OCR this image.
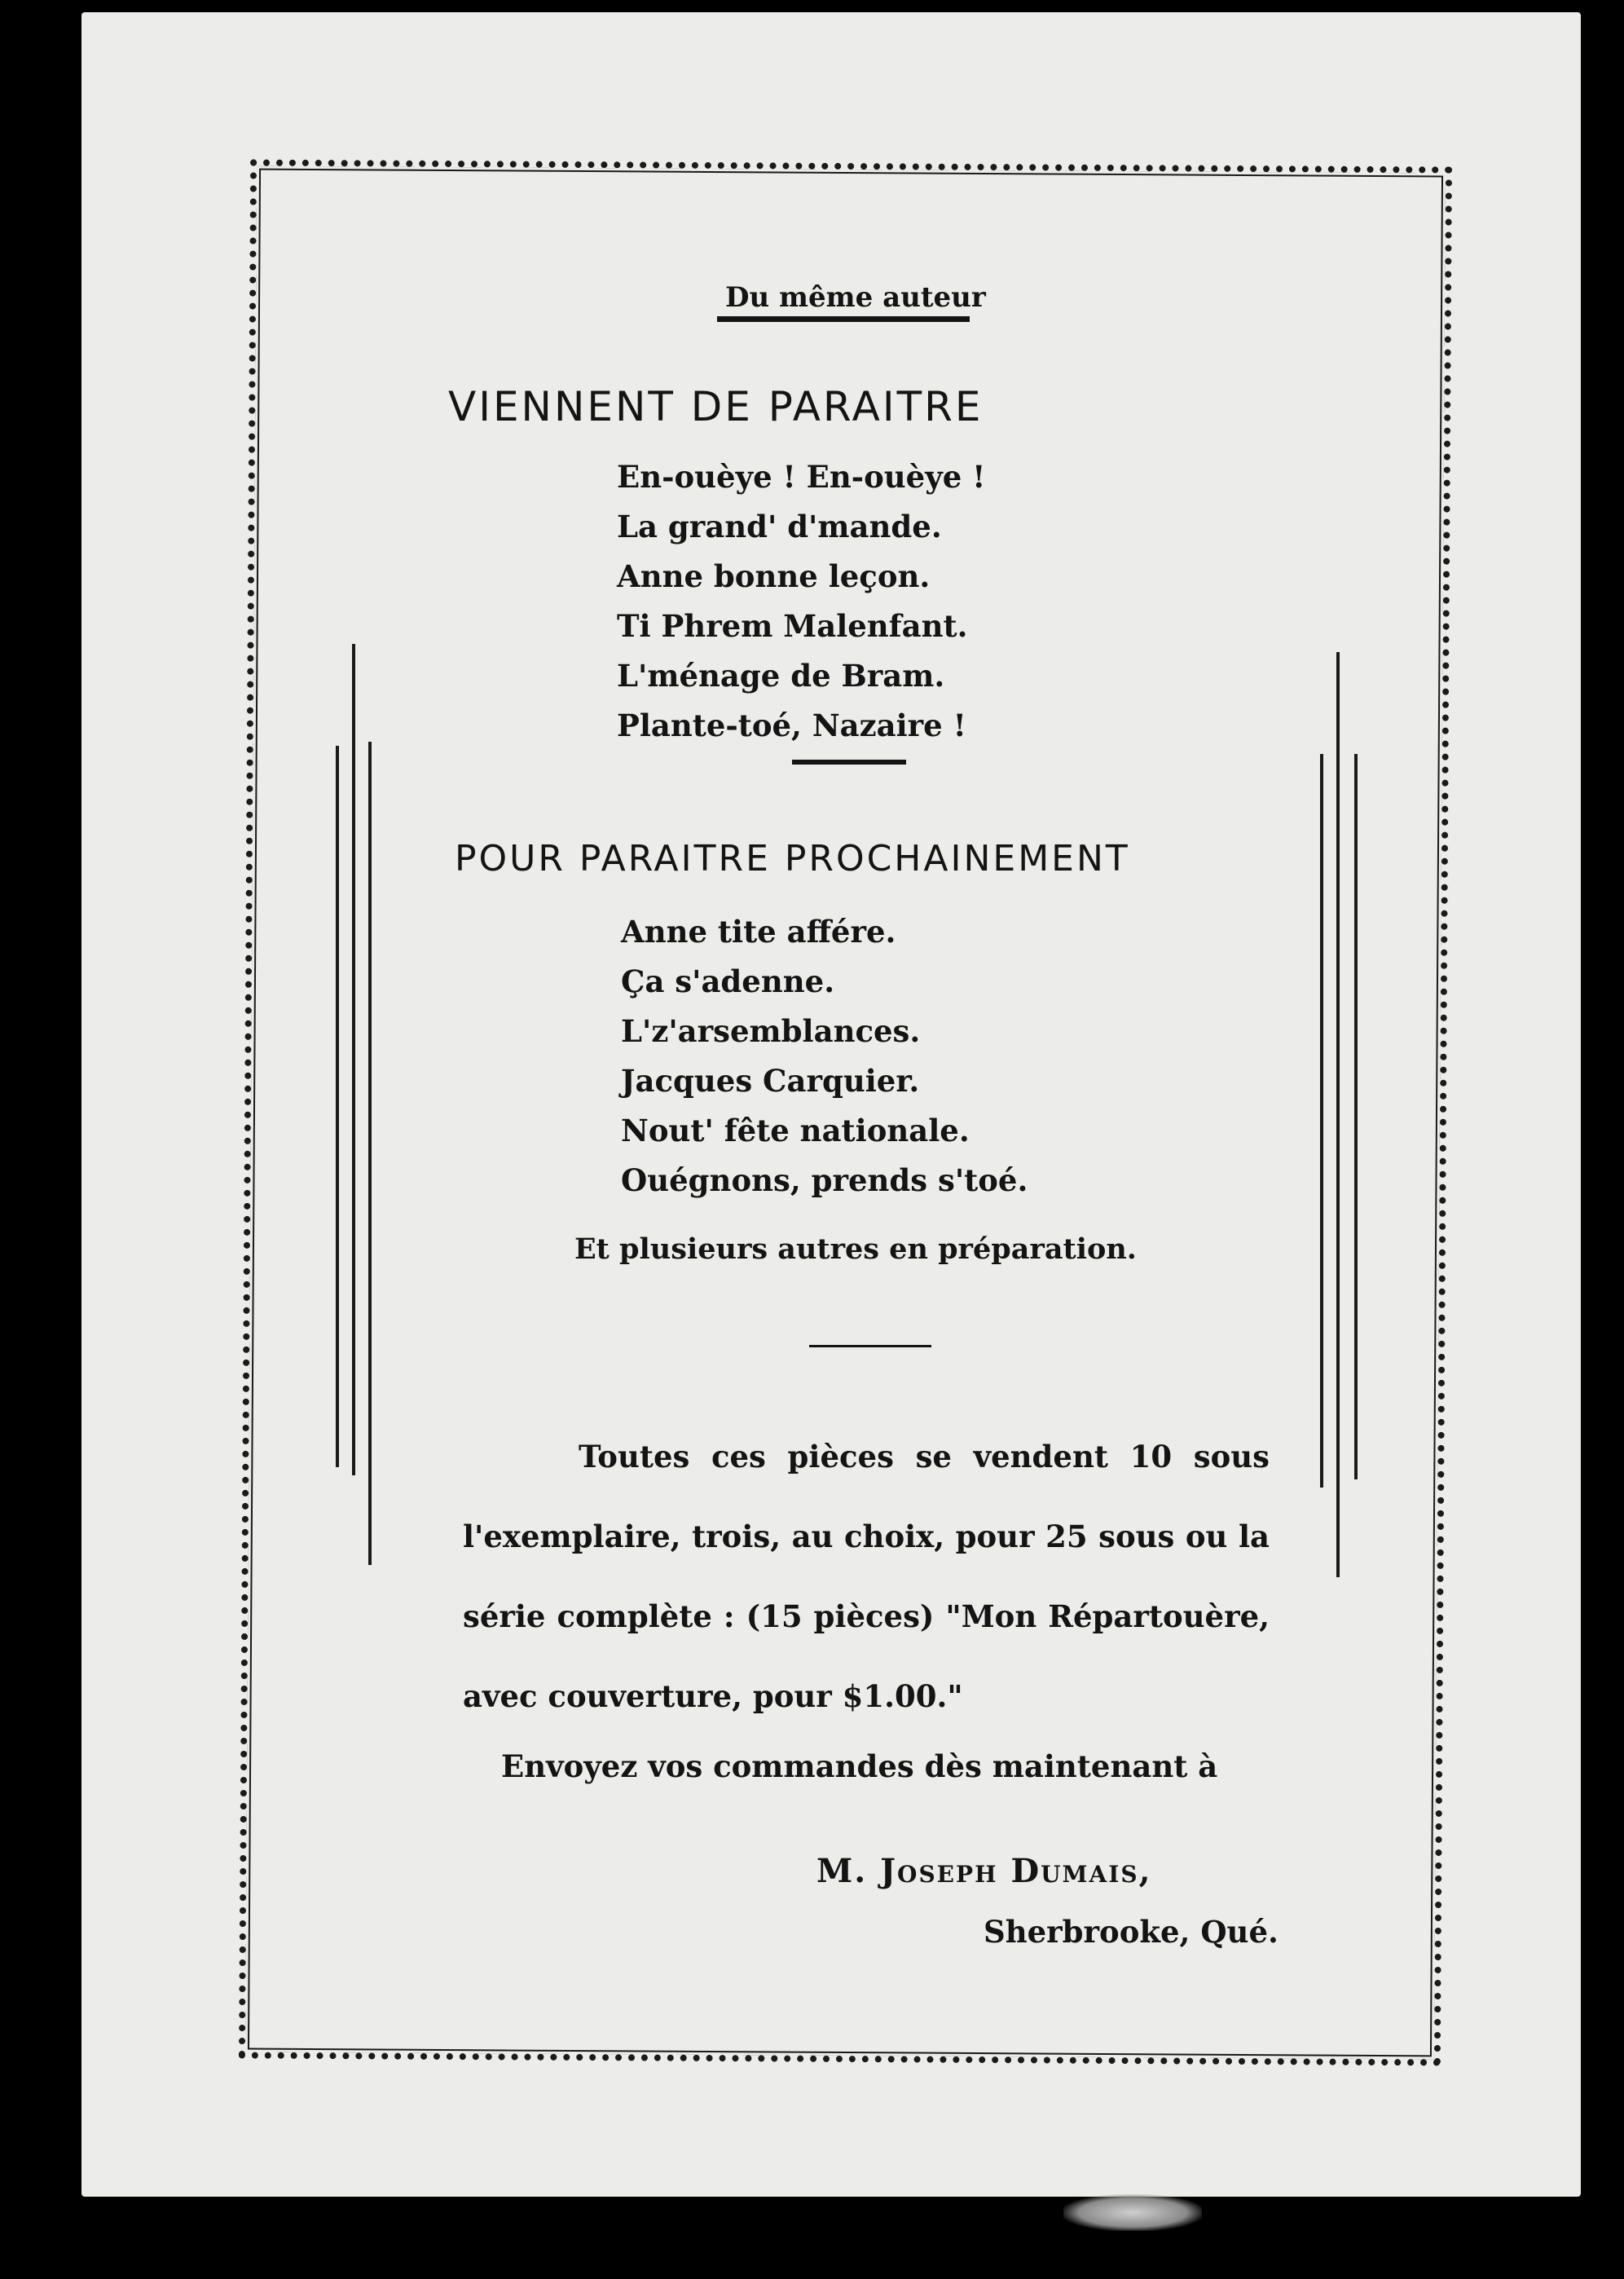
Du même auteur

VIENNENT DE PARAITRE
En-ouèye ! En-ouèye !
La grand' d'mande.
Anne bonne leçon.
Ti Phrem Malenfant.
L'ménage de Bram.
Plante-toé, Nazaire !
POUR PARAITRE PROCHAINEMENT
Anne tite affére.
Ça s'adenne.
L'z'arsemblances.
Jacques Carquier.
Nout' fête nationale.
Ouégnons, prends s'toé.

Et plusieurs autres en préparation.

Toutes ces pièces se vendent 10 sous l'exemplaire, trois, au choix, pour 25 sous ou la série complète : (15 pièces) "Mon Répartouère, avec couverture, pour $1.00."

Envoyez vos commandes dès maintenant à

M. Joseph Dumais,

Sherbrooke, Qué.
